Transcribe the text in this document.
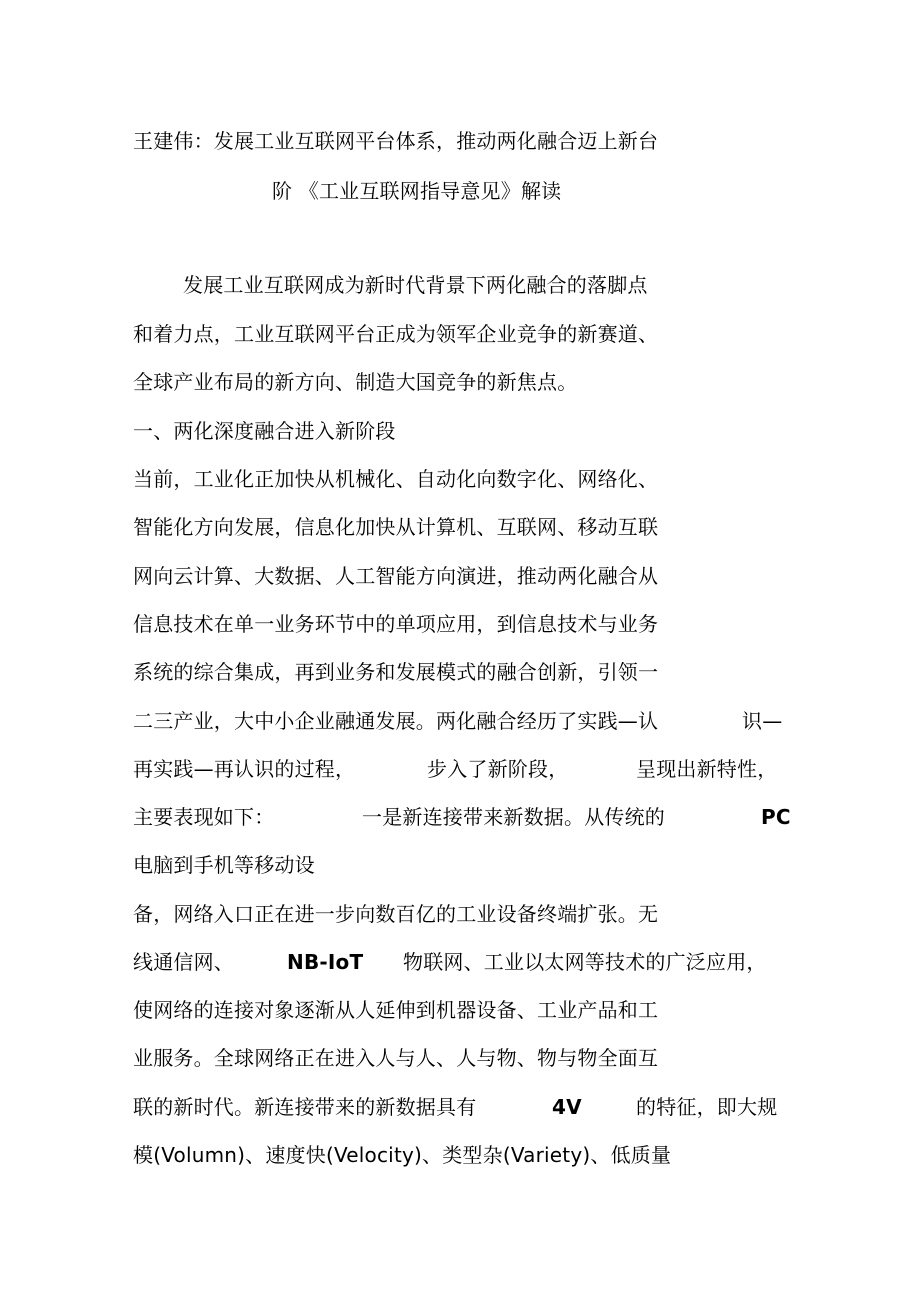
王建伟：发展工业互联网平台体系，推动两化融合迈上新台
阶 《工业互联网指导意见》解读
发展工业互联网成为新时代背景下两化融合的落脚点
和着力点，工业互联网平台正成为领军企业竞争的新赛道、
全球产业布局的新方向、制造大国竞争的新焦点。
一、两化深度融合进入新阶段
当前，工业化正加快从机械化、自动化向数字化、网络化、
智能化方向发展，信息化加快从计算机、互联网、移动互联
网向云计算、大数据、人工智能方向演进，推动两化融合从
信息技术在单一业务环节中的单项应用，到信息技术与业务
系统的综合集成，再到业务和发展模式的融合创新，引领一
二三产业，大中小企业融通发展。两化融合经历了实践—认	识—
再实践—再认识的过程，	步入了新阶段，	呈现出新特性，
主要表现如下：	一是新连接带来新数据。从传统的	PC
电脑到手机等移动设
备，网络入口正在进一步向数百亿的工业设备终端扩张。无
线通信网、	NB-IoT 物联网、工业以太网等技术的广泛应用，
使网络的连接对象逐渐从人延伸到机器设备、工业产品和工
业服务。全球网络正在进入人与人、人与物、物与物全面互
联的新时代。新连接带来的新数据具有	4V	的特征，即大规
模(Volumn)、速度快(Velocity)、类型杂(Variety)、低质量
